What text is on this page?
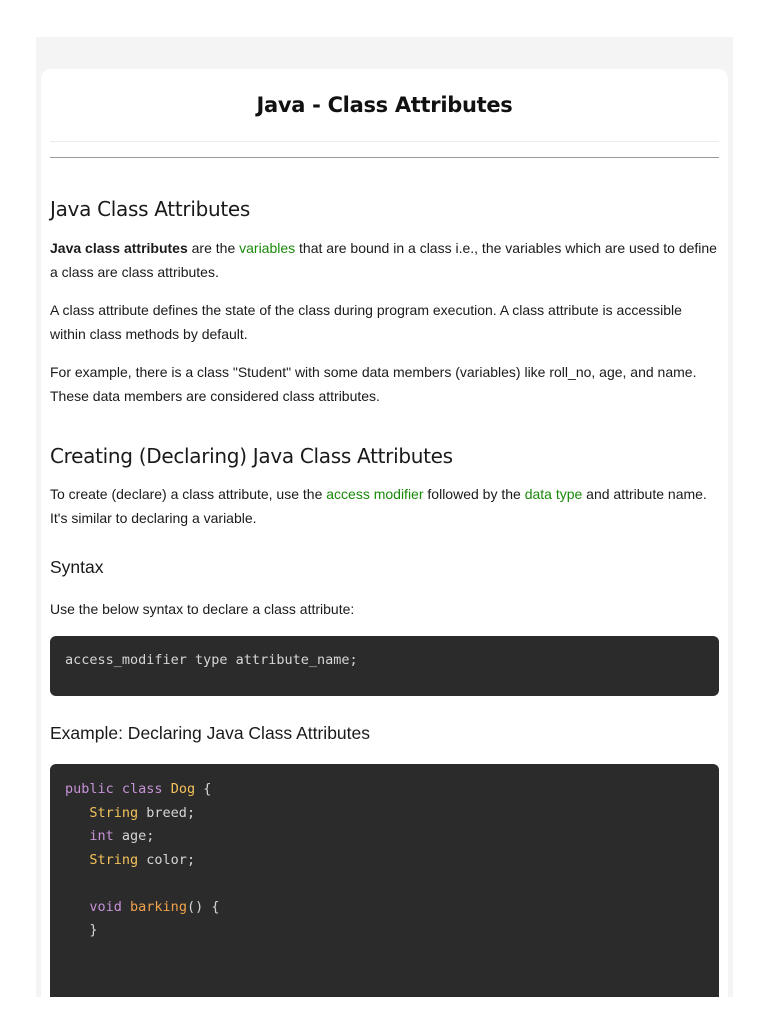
Java - Class Attributes
Java Class Attributes

Java class attributes are the variables that are bound in a class i.e., the variables which are used to define a class are class attributes.

A class attribute defines the state of the class during program execution. A class attribute is accessible within class methods by default.

For example, there is a class "Student" with some data members (variables) like roll_no, age, and name. These data members are considered class attributes.

Creating (Declaring) Java Class Attributes

To create (declare) a class attribute, use the access modifier followed by the data type and attribute name. It's similar to declaring a variable.

Syntax

Use the below syntax to declare a class attribute:

access_modifier type attribute_name;
Example: Declaring Java Class Attributes
public class Dog {
String breed;
int age;
String color;

void barking() {
}
